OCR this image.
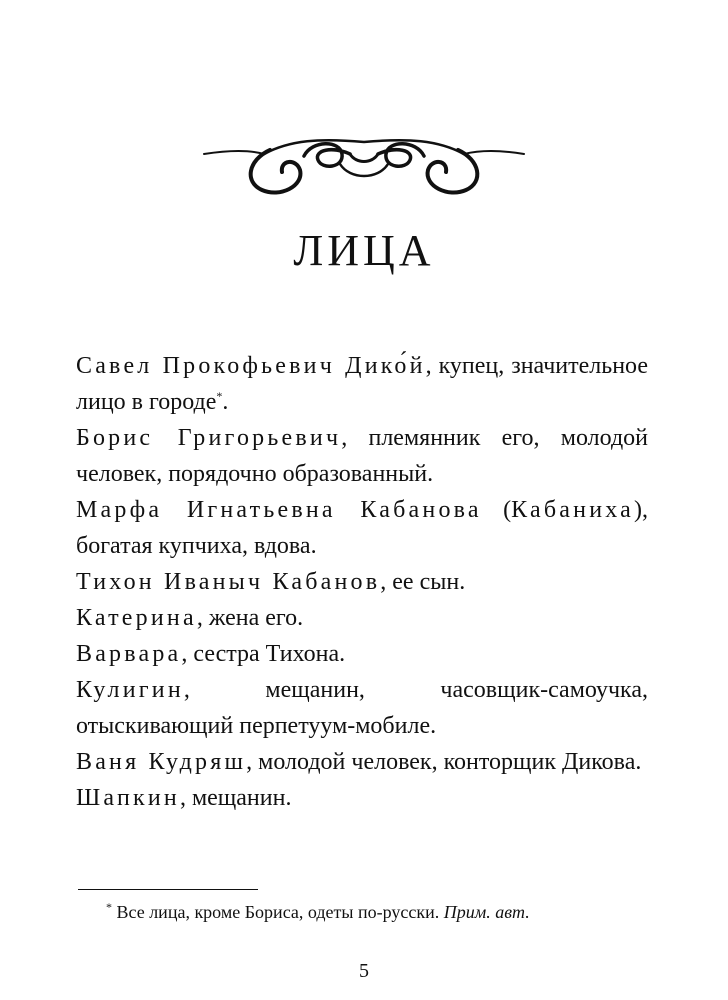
ЛИЦА

Савел Прокофьевич Дикой, купец, значительное лицо в городе*.

Борис Григорьевич, племянник его, молодой человек, порядочно образованный.

Марфа Игнатьевна Кабанова (Кабаниха), богатая купчиха, вдова.

Тихон Иваныч Кабанов, ее сын.

Катерина, жена его.

Варвара, сестра Тихона.

Кулигин, мещанин, часовщик-самоучка, отыскивающий перпетуум-мобиле.

Ваня Кудряш, молодой человек, конторщик Дикова.

Шапкин, мещанин.

* Все лица, кроме Бориса, одеты по-русски. Прим. авт.
5
